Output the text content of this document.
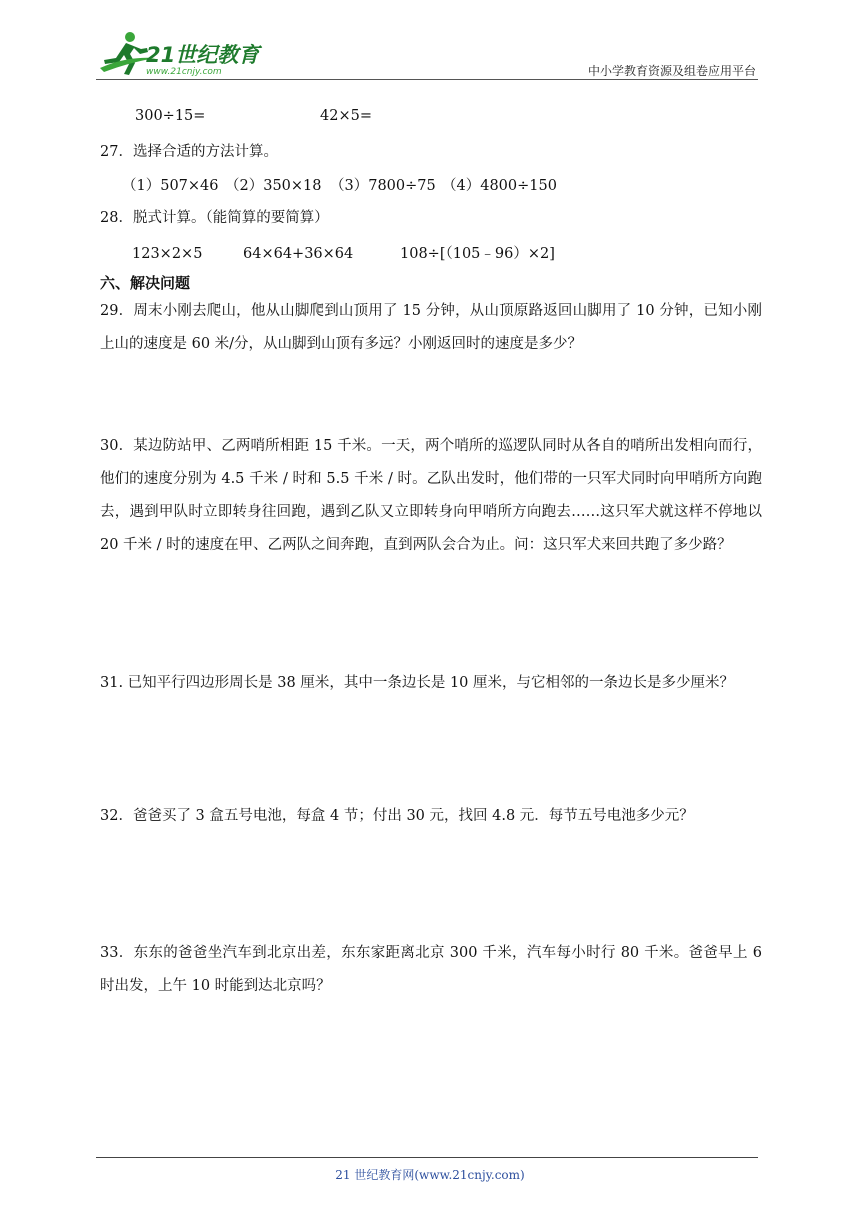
21世纪教育
www.21cnjy.com	中小学教育资源及组卷应用平台
300÷15=	42×5=
27．选择合适的方法计算。
（1）507×46 （2）350×18 （3）7800÷75 （4）4800÷150
28．脱式计算。（能简算的要简算）
123×2×5	64×64+36×64	108÷[（105﹣96）×2]
六、解决问题
29．周末小刚去爬山，他从山脚爬到山顶用了 15 分钟，从山顶原路返回山脚用了 10 分钟，已知小刚上山的速度是 60 米/分，从山脚到山顶有多远？小刚返回时的速度是多少？
30．某边防站甲、乙两哨所相距 15 千米。一天，两个哨所的巡逻队同时从各自的哨所出发相向而行，他们的速度分别为 4.5 千米 / 时和 5.5 千米 / 时。乙队出发时，他们带的一只军犬同时向甲哨所方向跑去，遇到甲队时立即转身往回跑，遇到乙队又立即转身向甲哨所方向跑去……这只军犬就这样不停地以 20 千米 / 时的速度在甲、乙两队之间奔跑，直到两队会合为止。问：这只军犬来回共跑了多少路？
31. 已知平行四边形周长是 38 厘米，其中一条边长是 10 厘米，与它相邻的一条边长是多少厘米？
32．爸爸买了 3 盒五号电池，每盒 4 节；付出 30 元，找回 4.8 元．每节五号电池多少元？
33．东东的爸爸坐汽车到北京出差，东东家距离北京 300 千米，汽车每小时行 80 千米。爸爸早上 6 时出发，上午 10 时能到达北京吗？
21 世纪教育网(www.21cnjy.com)
